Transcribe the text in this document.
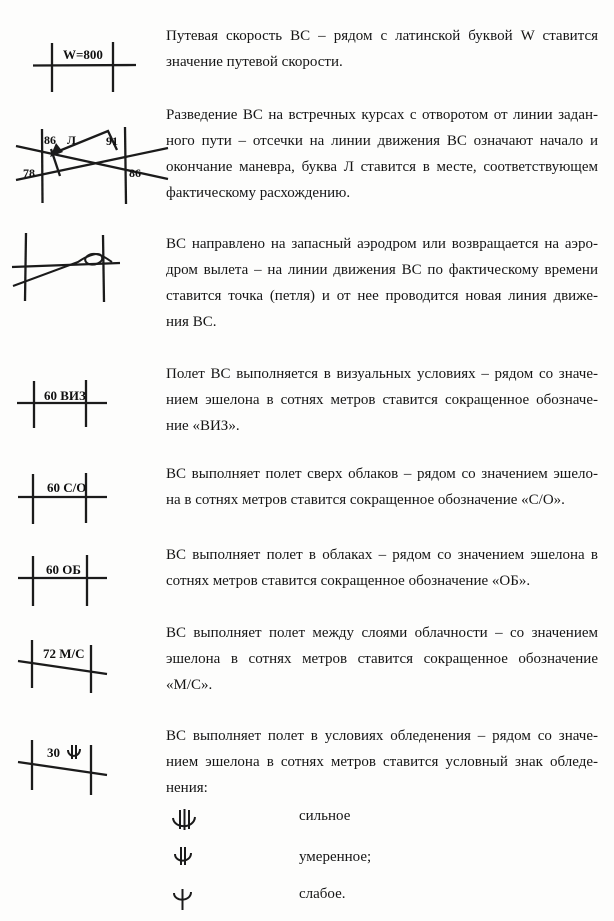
W=800
86 Л	91
78	86
60 ВИЗ
60 С/О
60 ОБ
72 М/С
30
Путевая скорость ВС – рядом с латинской буквой W ставится
значение путевой скорости.
Разведение ВС на встречных курсах с отворотом от линии задан-
ного пути – отсечки на линии движения ВС означают начало и
окончание маневра, буква Л ставится в месте, соответствующем
фактическому расхождению.
ВС направлено на запасный аэродром или возвращается на аэро-
дром вылета – на линии движения ВС по фактическому времени
ставится точка (петля) и от нее проводится новая линия движе-
ния ВС.
Полет ВС выполняется в визуальных условиях – рядом со значе-
нием эшелона в сотнях метров ставится сокращенное обозначе-
ние «ВИЗ».
ВС выполняет полет сверх облаков – рядом со значением эшело-
на в сотнях метров ставится сокращенное обозначение «С/О».
ВС выполняет полет в облаках – рядом со значением эшелона в
сотнях метров ставится сокращенное обозначение «ОБ».
ВС выполняет полет между слоями облачности – со значением
эшелона в сотнях метров ставится сокращенное обозначение
«М/С».
ВС выполняет полет в условиях обледенения – рядом со значе-
нием эшелона в сотнях метров ставится условный знак обледе-
нения:
сильное
умеренное;
слабое.
